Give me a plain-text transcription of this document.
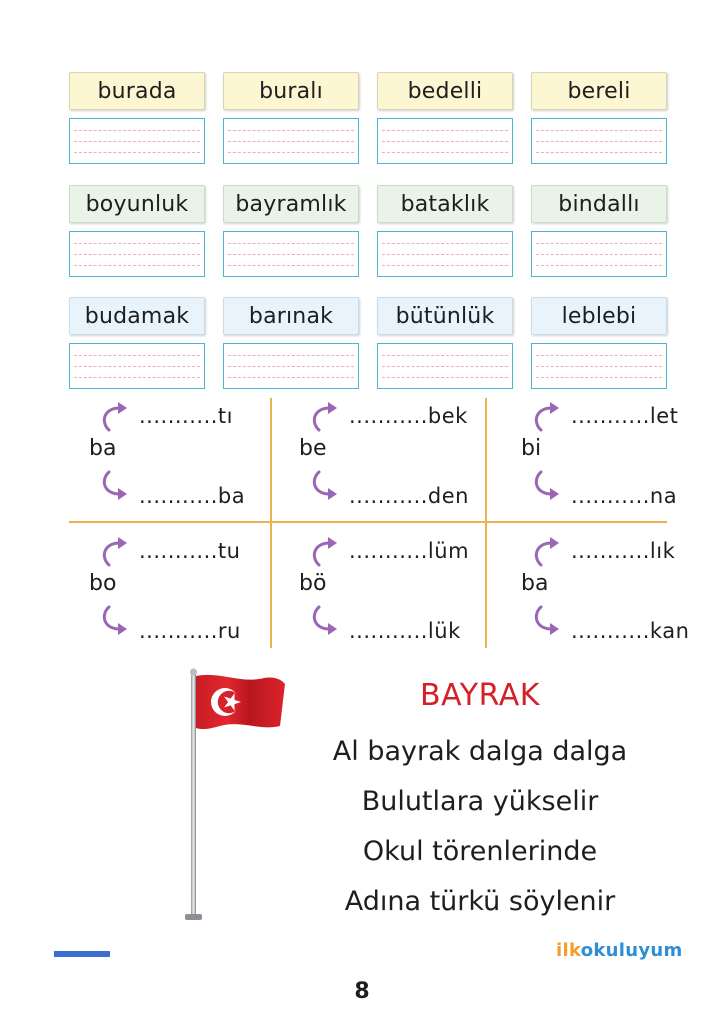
burada	buralı	bedelli	bereli
boyunluk	bayramlık	bataklık	bindallı
budamak	barınak	bütünlük	leblebi
ba
...........tı
...........ba
be
...........bek
...........den
bi
...........let
...........na
bo
...........tu
...........ru
bö
...........lüm
...........lük
ba
...........lık
...........kan
BAYRAK
Al bayrak dalga dalga
Bulutlara yükselir
Okul törenlerinde
Adına türkü söylenir
ilkokuluyum
8
